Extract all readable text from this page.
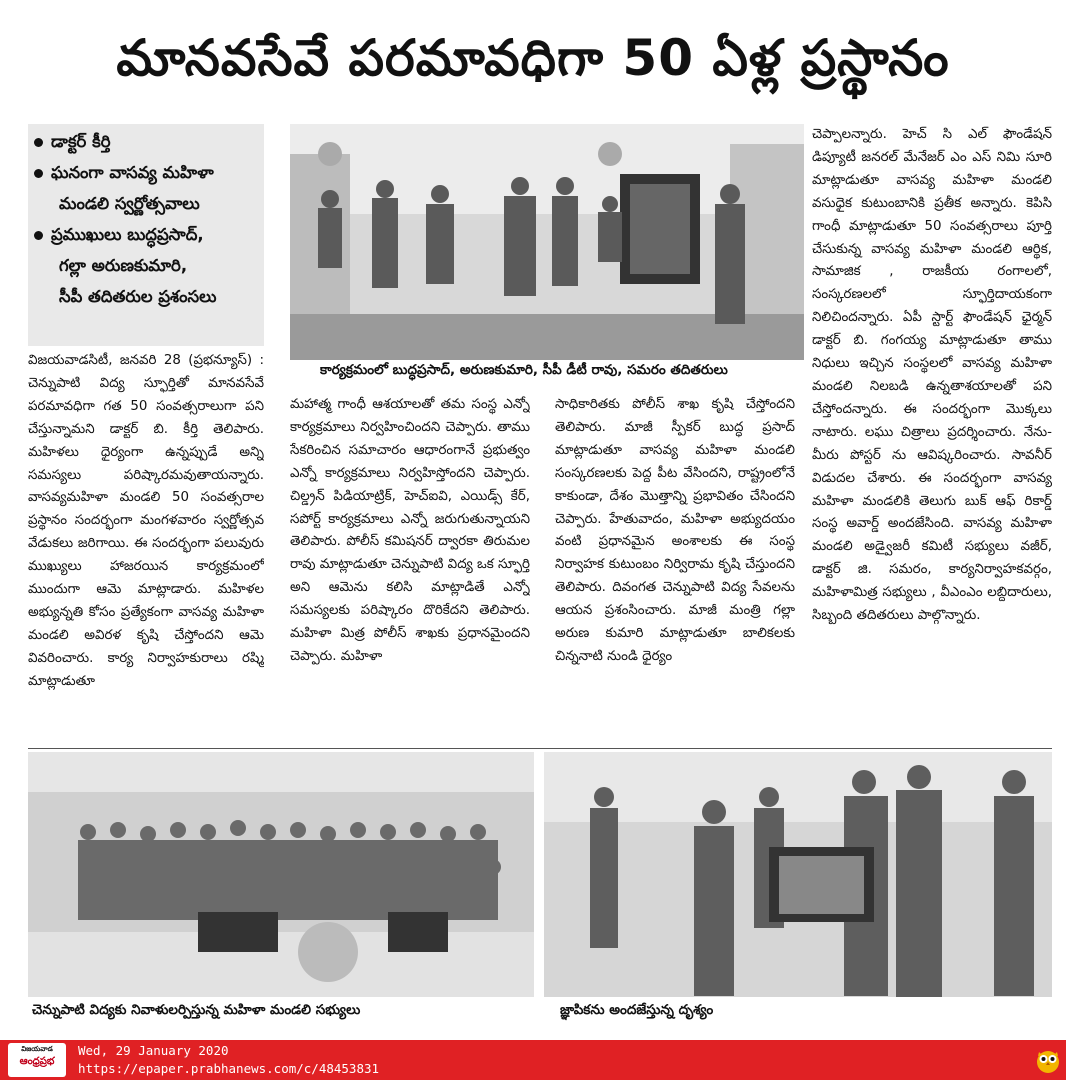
మానవసేవే పరమావధిగా 50 ఏళ్ల ప్రస్థానం
డాక్టర్ కీర్తి
ఘనంగా వాసవ్య మహిళా
మండలి స్వర్ణోత్సవాలు
ప్రముఖులు బుద్ధప్రసాద్,
గల్లా అరుణకుమారి,
సీపీ తదితరుల ప్రశంసలు
కార్యక్రమంలో బుద్ధప్రసాద్, అరుణకుమారి, సీపీ డీటీ రావు, సమరం తదితరులు

విజయవాడసిటీ, జనవరి 28 (ప్రభన్యూస్) : చెన్నుపాటి విద్య స్ఫూర్తితో మానవసేవే పరమావధిగా గత 50 సంవత్సరాలుగా పని చేస్తున్నామని డాక్టర్ బి. కీర్తి తెలిపారు. మహిళలు ధైర్యంగా ఉన్నప్పుడే అన్ని సమస్యలు పరిష్కారమవుతాయన్నారు. వాసవ్యమహిళా మండలి 50 సంవత్సరాల ప్రస్థానం సందర్భంగా మంగళవారం స్వర్ణోత్సవ వేడుకలు జరిగాయి. ఈ సందర్భంగా పలువురు ముఖ్యులు హాజరయిన కార్యక్రమంలో ముందుగా ఆమె మాట్లాడారు. మహిళల అభ్యున్నతి కోసం ప్రత్యేకంగా వాసవ్య మహిళా మండలి అవిరళ కృషి చేస్తోందని ఆమె వివరించారు. కార్య నిర్వాహకురాలు రష్మి మాట్లాడుతూ

మహాత్మ గాంధీ ఆశయాలతో తమ సంస్థ ఎన్నో కార్యక్రమాలు నిర్వహించిందని చెప్పారు. తాము సేకరించిన సమాచారం ఆధారంగానే ప్రభుత్వం ఎన్నో కార్యక్రమాలు నిర్వహిస్తోందని చెప్పారు. చిల్డ్రన్ పిడియాట్రిక్, హెచ్ఐవి, ఎయిడ్స్ కేర్, సపోర్ట్ కార్యక్రమాలు ఎన్నో జరుగుతున్నాయని తెలిపారు. పోలీస్ కమిషనర్ ద్వారకా తిరుమల రావు మాట్లాడుతూ చెన్నుపాటి విద్య ఒక స్ఫూర్తి అని ఆమెను కలిసి మాట్లాడితే ఎన్నో సమస్యలకు పరిష్కారం దొరికేదని తెలిపారు. మహిళా మిత్ర పోలీస్ శాఖకు ప్రధానమైందని చెప్పారు. మహిళా

సాధికారితకు పోలీస్ శాఖ కృషి చేస్తోందని తెలిపారు. మాజీ స్పీకర్ బుద్ధ ప్రసాద్ మాట్లాడుతూ వాసవ్య మహిళా మండలి సంస్కరణలకు పెద్ద పీట వేసిందని, రాష్ట్రంలోనే కాకుండా, దేశం మొత్తాన్ని ప్రభావితం చేసిందని చెప్పారు. హేతువాదం, మహిళా అభ్యుదయం వంటి ప్రధానమైన అంశాలకు ఈ సంస్థ నిర్వాహక కుటుంబం నిర్విరామ కృషి చేస్తుందని తెలిపారు. దివంగత చెన్నుపాటి విద్య సేవలను ఆయన ప్రశంసించారు. మాజీ మంత్రి గల్లా అరుణ కుమారి మాట్లాడుతూ బాలికలకు చిన్ననాటి నుండి ధైర్యం

చెప్పాలన్నారు. హెచ్ సి ఎల్ ఫౌండేషన్ డిప్యూటీ జనరల్ మేనేజర్ ఎం ఎస్ నిమి సూరి మాట్లాడుతూ వాసవ్య మహిళా మండలి వసుధైక కుటుంబానికి ప్రతీక అన్నారు. కెపిసి గాంధీ మాట్లాడుతూ 50 సంవత్సరాలు పూర్తి చేసుకున్న వాసవ్య మహిళా మండలి ఆర్థిక, సామాజిక , రాజకీయ రంగాలలో, సంస్కరణలలో స్ఫూర్తిదాయకంగా నిలిచిందన్నారు. ఏపీ స్టార్ట్ ఫౌండేషన్ ఛైర్మన్ డాక్టర్ బి. గంగయ్య మాట్లాడుతూ తాము నిధులు ఇచ్చిన సంస్థలలో వాసవ్య మహిళా మండలి నిలబడి ఉన్నతాశయాలతో పని చేస్తోందన్నారు. ఈ సందర్భంగా మొక్కలు నాటారు. లఘు చిత్రాలు ప్రదర్శించారు. నేను- మీరు పోస్టర్ ను ఆవిష్కరించారు. సావనీర్ విడుదల చేశారు. ఈ సందర్భంగా వాసవ్య మహిళా మండలికి తెలుగు బుక్ ఆఫ్ రికార్డ్ సంస్థ అవార్డ్ అందజేసింది. వాసవ్య మహిళా మండలి అడ్వైజరీ కమిటీ సభ్యులు వజీర్, డాక్టర్ జి. సమరం, కార్యనిర్వాహకవర్గం, మహిళామిత్ర సభ్యులు , వీఎంఎం లబ్దిదారులు, సిబ్బంది తదితరులు పాల్గొన్నారు.

చెన్నుపాటి విద్యకు నివాళులర్పిస్తున్న మహిళా మండలి సభ్యులు	జ్ఞాపికను అందజేస్తున్న దృశ్యం
విజయవాడ
ఆంధ్రప్రభ
Wed, 29 January 2020
https://epaper.prabhanews.com/c/48453831
